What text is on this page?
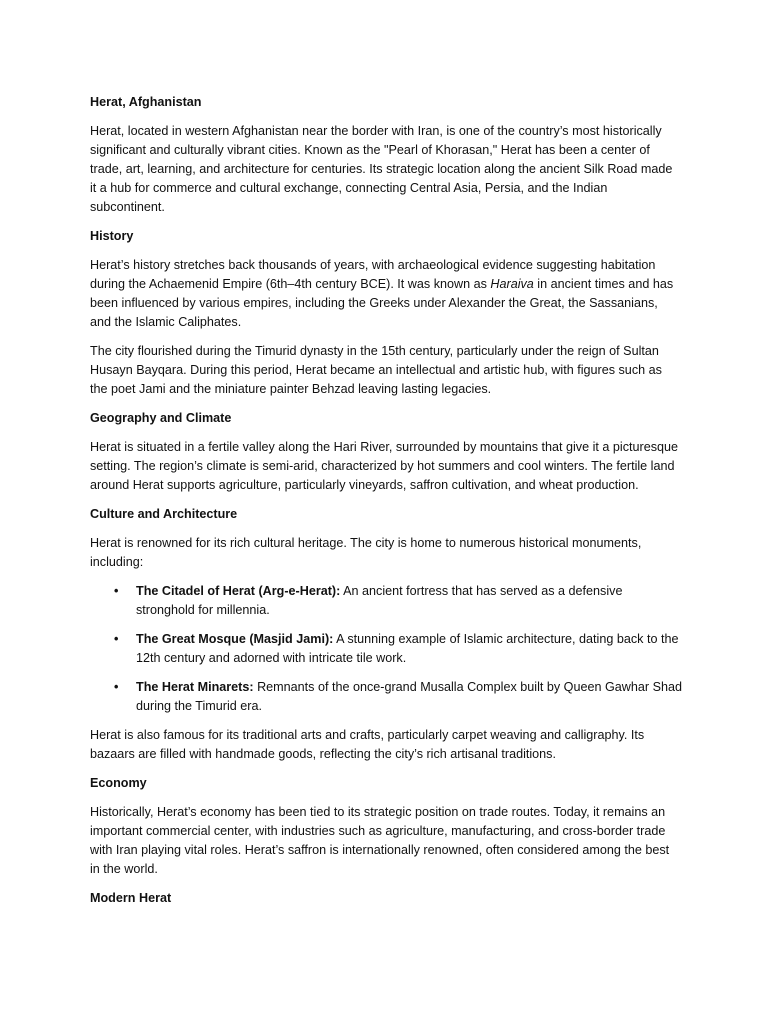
Herat, Afghanistan

Herat, located in western Afghanistan near the border with Iran, is one of the country’s most historically significant and culturally vibrant cities. Known as the "Pearl of Khorasan," Herat has been a center of trade, art, learning, and architecture for centuries. Its strategic location along the ancient Silk Road made it a hub for commerce and cultural exchange, connecting Central Asia, Persia, and the Indian subcontinent.

History

Herat’s history stretches back thousands of years, with archaeological evidence suggesting habitation during the Achaemenid Empire (6th–4th century BCE). It was known as Haraiva in ancient times and has been influenced by various empires, including the Greeks under Alexander the Great, the Sassanians, and the Islamic Caliphates.

The city flourished during the Timurid dynasty in the 15th century, particularly under the reign of Sultan Husayn Bayqara. During this period, Herat became an intellectual and artistic hub, with figures such as the poet Jami and the miniature painter Behzad leaving lasting legacies.

Geography and Climate

Herat is situated in a fertile valley along the Hari River, surrounded by mountains that give it a picturesque setting. The region’s climate is semi-arid, characterized by hot summers and cool winters. The fertile land around Herat supports agriculture, particularly vineyards, saffron cultivation, and wheat production.

Culture and Architecture

Herat is renowned for its rich cultural heritage. The city is home to numerous historical monuments, including:

• The Citadel of Herat (Arg-e-Herat): An ancient fortress that has served as a defensive stronghold for millennia.
• The Great Mosque (Masjid Jami): A stunning example of Islamic architecture, dating back to the 12th century and adorned with intricate tile work.
• The Herat Minarets: Remnants of the once-grand Musalla Complex built by Queen Gawhar Shad during the Timurid era.

Herat is also famous for its traditional arts and crafts, particularly carpet weaving and calligraphy. Its bazaars are filled with handmade goods, reflecting the city’s rich artisanal traditions.

Economy

Historically, Herat’s economy has been tied to its strategic position on trade routes. Today, it remains an important commercial center, with industries such as agriculture, manufacturing, and cross-border trade with Iran playing vital roles. Herat’s saffron is internationally renowned, often considered among the best in the world.

Modern Herat
